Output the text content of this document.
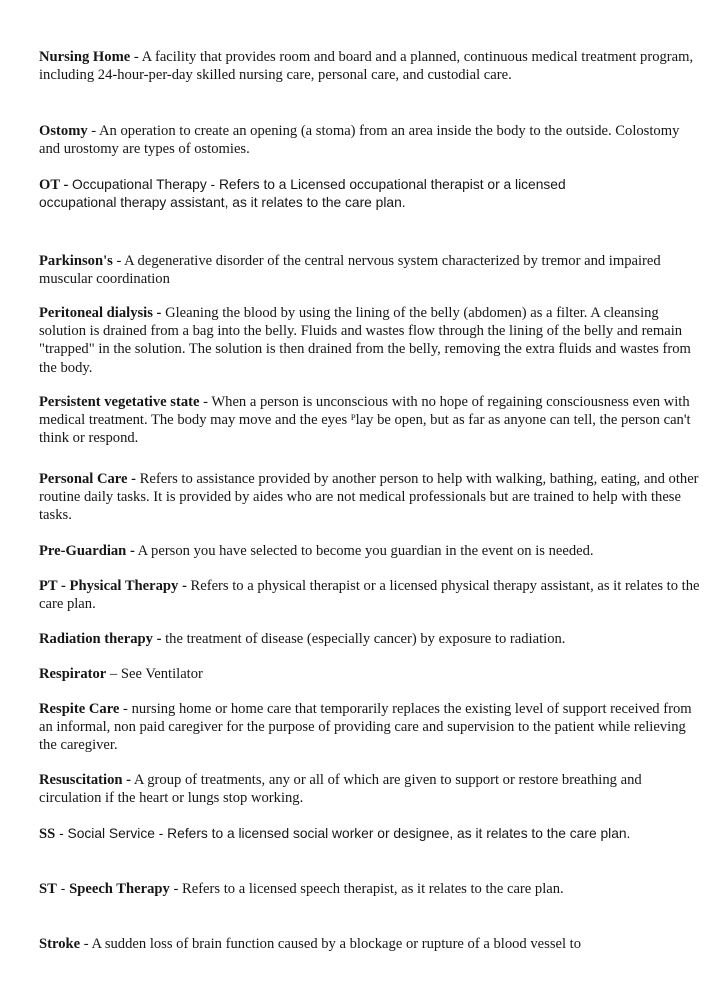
Nursing Home - A facility that provides room and board and a planned, continuous medical treatment program, including 24-hour-per-day skilled nursing care, personal care, and custodial care.

Ostomy - An operation to create an opening (a stoma) from an area inside the body to the outside. Colostomy and urostomy are types of ostomies.

OT - Occupational Therapy - Refers to a Licensed occupational therapist or a licensed occupational therapy assistant, as it relates to the care plan.

Parkinson's - A degenerative disorder of the central nervous system characterized by tremor and impaired muscular coordination

Peritoneal dialysis - Gleaning the blood by using the lining of the belly (abdomen) as a filter. A cleansing solution is drained from a bag into the belly. Fluids and wastes flow through the lining of the belly and remain "trapped" in the solution. The solution is then drained from the belly, removing the extra fluids and wastes from the body.

Persistent vegetative state - When a person is unconscious with no hope of regaining consciousness even with medical treatment. The body may move and the eyes ᴾlay be open, but as far as anyone can tell, the person can't think or respond.

Personal Care - Refers to assistance provided by another person to help with walking, bathing, eating, and other routine daily tasks. It is provided by aides who are not medical professionals but are trained to help with these tasks.

Pre-Guardian - A person you have selected to become you guardian in the event on is needed.

PT - Physical Therapy - Refers to a physical therapist or a licensed physical therapy assistant, as it relates to the care plan.

Radiation therapy - the treatment of disease (especially cancer) by exposure to radiation.

Respirator – See Ventilator

Respite Care - nursing home or home care that temporarily replaces the existing level of support received from an informal, non paid caregiver for the purpose of providing care and supervision to the patient while relieving the caregiver.

Resuscitation - A group of treatments, any or all of which are given to support or restore breathing and circulation if the heart or lungs stop working.

SS - Social Service - Refers to a licensed social worker or designee, as it relates to the care plan.

ST - Speech Therapy - Refers to a licensed speech therapist, as it relates to the care plan.

Stroke - A sudden loss of brain function caused by a blockage or rupture of a blood vessel to
